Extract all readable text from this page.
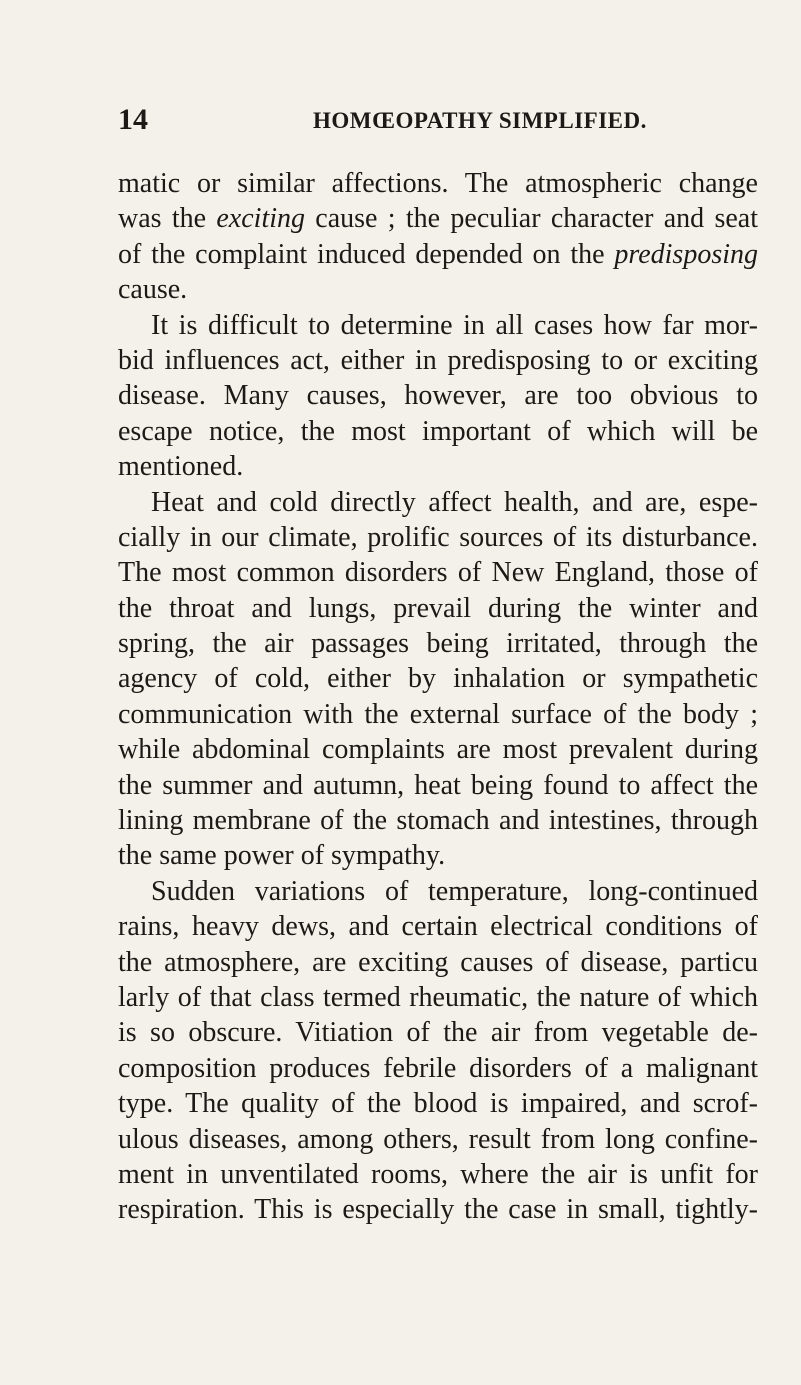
14	HOMŒOPATHY SIMPLIFIED.
matic or similar affections. The atmospheric change
was the exciting cause ; the peculiar character and seat
of the complaint induced depended on the predisposing
cause.
It is difficult to determine in all cases how far mor-
bid influences act, either in predisposing to or exciting
disease. Many causes, however, are too obvious to
escape notice, the most important of which will be
mentioned.
Heat and cold directly affect health, and are, espe-
cially in our climate, prolific sources of its disturbance.
The most common disorders of New England, those of
the throat and lungs, prevail during the winter and
spring, the air passages being irritated, through the
agency of cold, either by inhalation or sympathetic
communication with the external surface of the body ;
while abdominal complaints are most prevalent during
the summer and autumn, heat being found to affect the
lining membrane of the stomach and intestines, through
the same power of sympathy.
Sudden variations of temperature, long-continued
rains, heavy dews, and certain electrical conditions of
the atmosphere, are exciting causes of disease, particu
larly of that class termed rheumatic, the nature of which
is so obscure. Vitiation of the air from vegetable de-
composition produces febrile disorders of a malignant
type. The quality of the blood is impaired, and scrof-
ulous diseases, among others, result from long confine-
ment in unventilated rooms, where the air is unfit for
respiration. This is especially the case in small, tightly-
